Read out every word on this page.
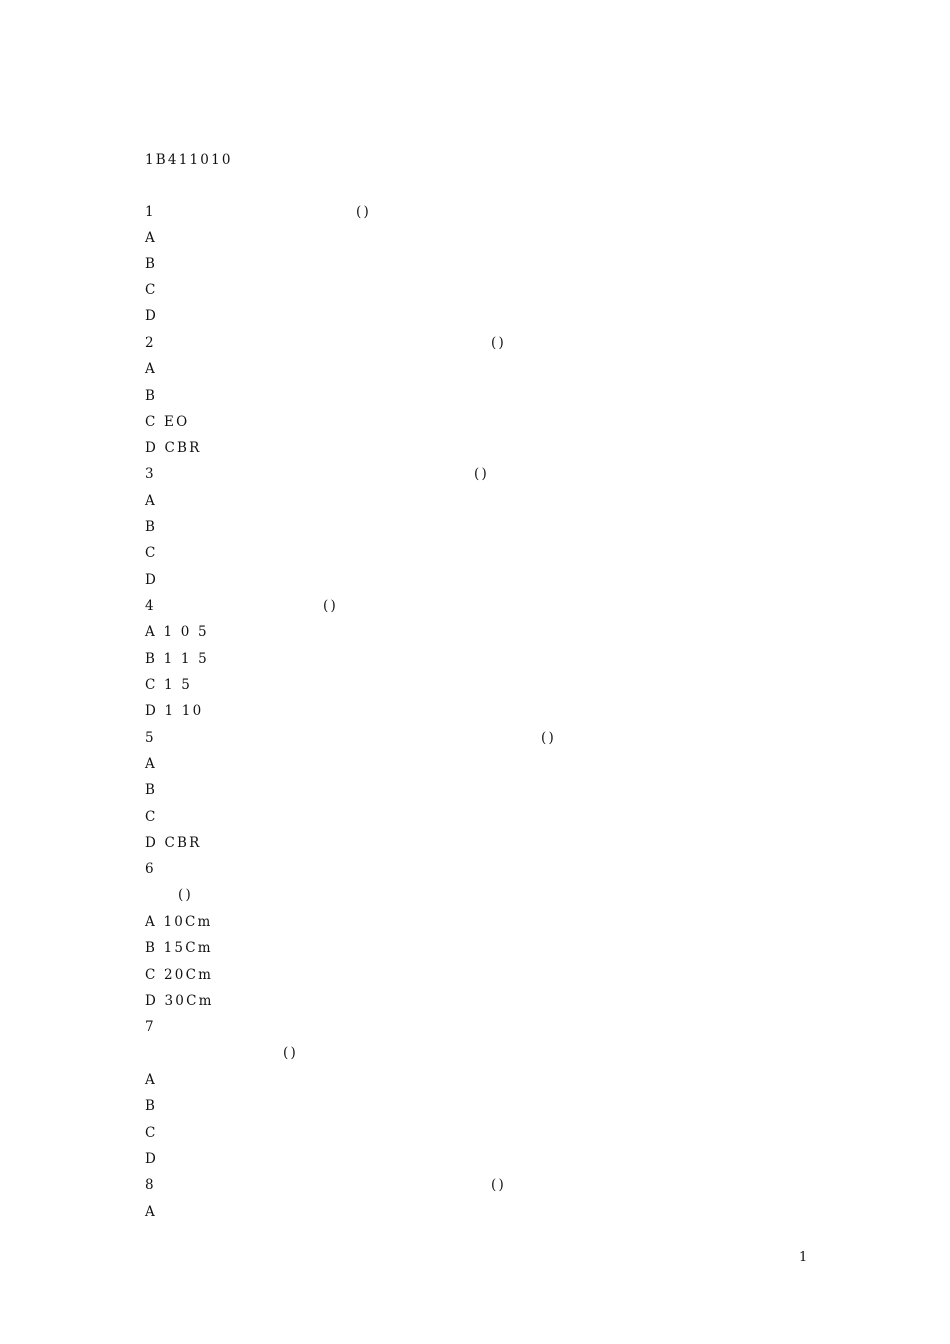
1B411010
1	()
A
B
C
D
2	()
A
B
C EO
D CBR
3	()
A
B
C
D
4	()
A 1 0 5
B 1 1 5
C 1 5
D 1 10
5	()
A
B
C
D CBR
6
()
A 10Cm
B 15Cm
C 20Cm
D 30Cm
7
()
A
B
C
D
8	()
A
1
